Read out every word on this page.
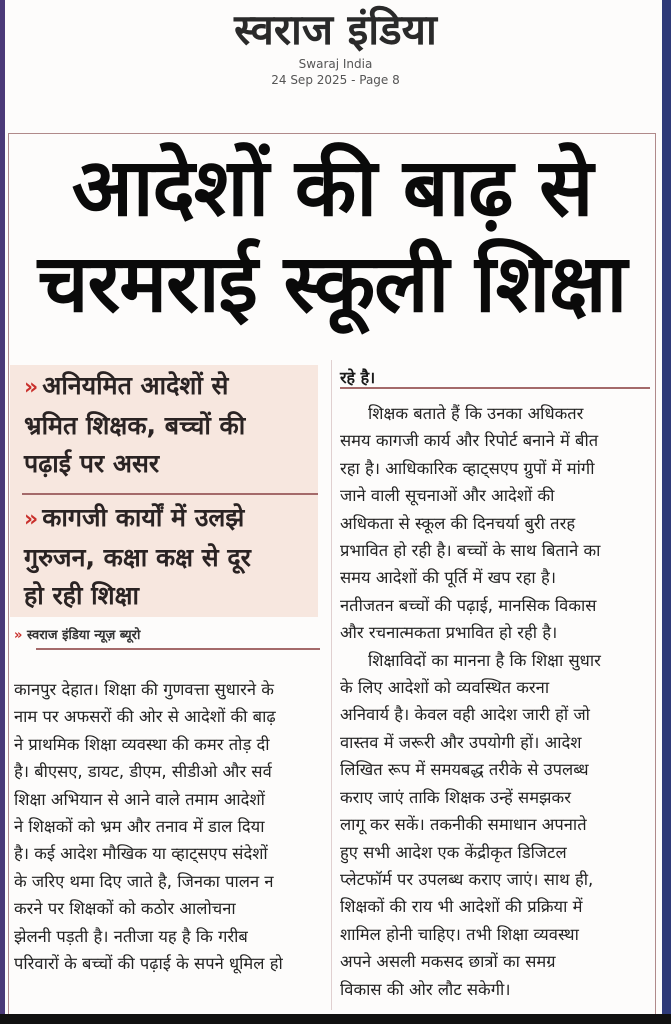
स्वराज इंडिया
Swaraj India
24 Sep 2025 - Page 8
आदेशों की बाढ़ से
चरमराई स्कूली शिक्षा
» अनियमित आदेशों से
भ्रमित शिक्षक, बच्चों की
पढ़ाई पर असर
» कागजी कार्यों में उलझे
गुरुजन, कक्षा कक्ष से दूर
हो रही शिक्षा
» स्वराज इंडिया न्यूज़ ब्यूरो
कानपुर देहात। शिक्षा की गुणवत्ता सुधारने के
नाम पर अफसरों की ओर से आदेशों की बाढ़
ने प्राथमिक शिक्षा व्यवस्था की कमर तोड़ दी
है। बीएसए, डायट, डीएम, सीडीओ और सर्व
शिक्षा अभियान से आने वाले तमाम आदेशों
ने शिक्षकों को भ्रम और तनाव में डाल दिया
है। कई आदेश मौखिक या व्हाट्सएप संदेशों
के जरिए थमा दिए जाते है, जिनका पालन न
करने पर शिक्षकों को कठोर आलोचना
झेलनी पड़ती है। नतीजा यह है कि गरीब
परिवारों के बच्चों की पढ़ाई के सपने धूमिल हो
रहे है।
शिक्षक बताते हैं कि उनका अधिकतर
समय कागजी कार्य और रिपोर्ट बनाने में बीत
रहा है। आधिकारिक व्हाट्सएप ग्रुपों में मांगी
जाने वाली सूचनाओं और आदेशों की
अधिकता से स्कूल की दिनचर्या बुरी तरह
प्रभावित हो रही है। बच्चों के साथ बिताने का
समय आदेशों की पूर्ति में खप रहा है।
नतीजतन बच्चों की पढ़ाई, मानसिक विकास
और रचनात्मकता प्रभावित हो रही है।
शिक्षाविदों का मानना है कि शिक्षा सुधार
के लिए आदेशों को व्यवस्थित करना
अनिवार्य है। केवल वही आदेश जारी हों जो
वास्तव में जरूरी और उपयोगी हों। आदेश
लिखित रूप में समयबद्ध तरीके से उपलब्ध
कराए जाएं ताकि शिक्षक उन्हें समझकर
लागू कर सकें। तकनीकी समाधान अपनाते
हुए सभी आदेश एक केंद्रीकृत डिजिटल
प्लेटफॉर्म पर उपलब्ध कराए जाएं। साथ ही,
शिक्षकों की राय भी आदेशों की प्रक्रिया में
शामिल होनी चाहिए। तभी शिक्षा व्यवस्था
अपने असली मकसद छात्रों का समग्र
विकास की ओर लौट सकेगी।
